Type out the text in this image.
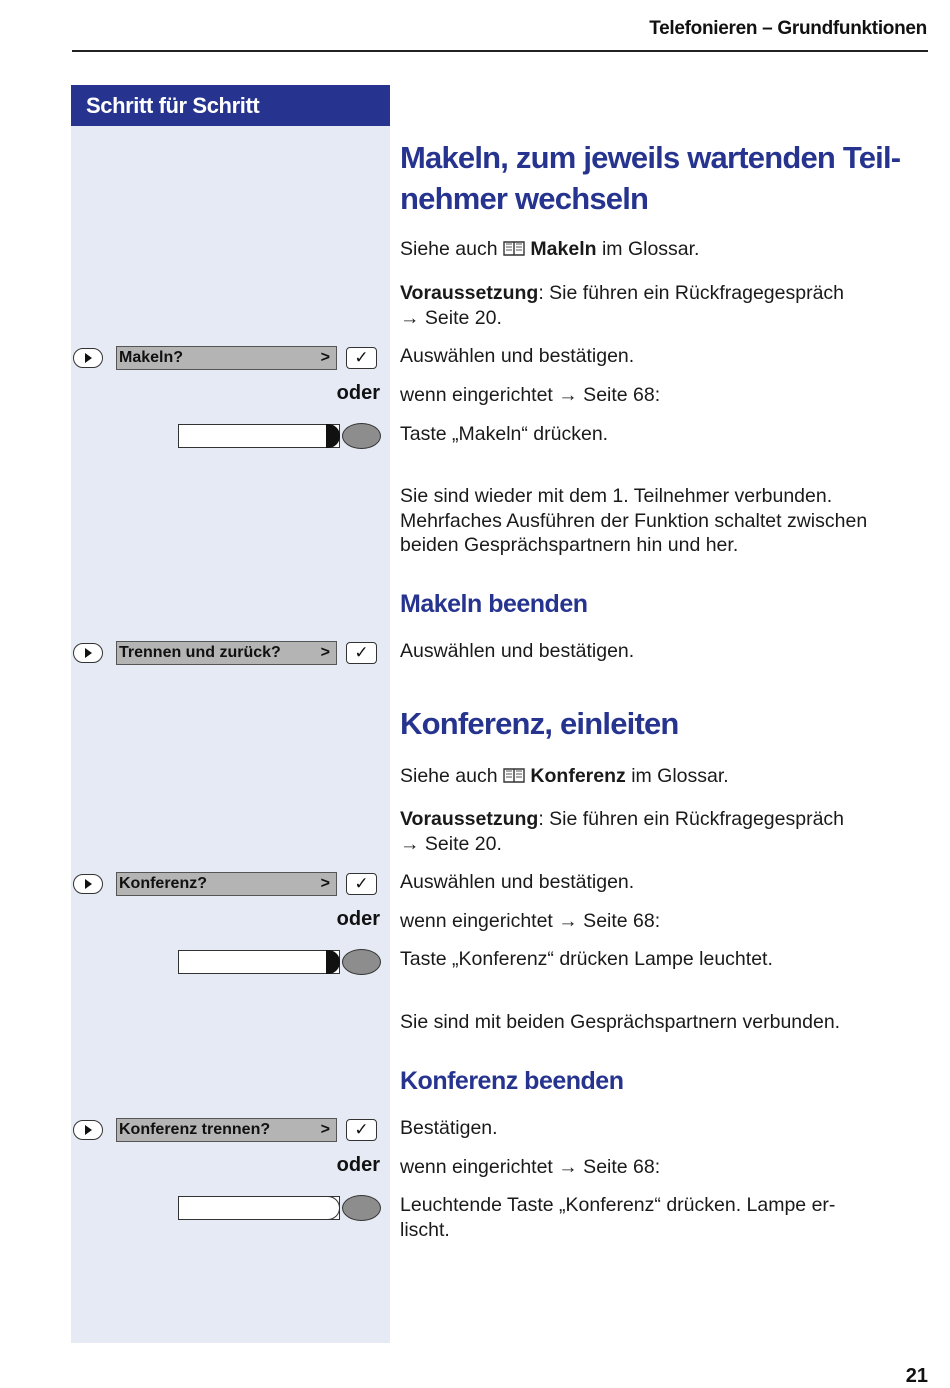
Telefonieren – Grundfunktionen
Schritt für Schritt
Makeln, zum jeweils wartenden Teil-
nehmer wechseln
Siehe auch Makeln im Glossar.
Voraussetzung: Sie führen ein Rückfragegespräch
→ Seite 20.
Makeln?	>	✓	Auswählen und bestätigen.
oder wenn eingerichtet → Seite 68:
Taste „Makeln“ drücken.
Sie sind wieder mit dem 1. Teilnehmer verbunden.
Mehrfaches Ausführen der Funktion schaltet zwischen
beiden Gesprächspartnern hin und her.
Makeln beenden
Trennen und zurück? >	✓	Auswählen und bestätigen.
Konferenz, einleiten
Siehe auch Konferenz im Glossar.
Voraussetzung: Sie führen ein Rückfragegespräch
→ Seite 20.
Konferenz?	>	✓	Auswählen und bestätigen.
oder wenn eingerichtet → Seite 68:
Taste „Konferenz“ drücken Lampe leuchtet.
Sie sind mit beiden Gesprächspartnern verbunden.
Konferenz beenden
Konferenz trennen?	>	✓	Bestätigen.
oder wenn eingerichtet → Seite 68:
Leuchtende Taste „Konferenz“ drücken. Lampe er-
lischt.
21
